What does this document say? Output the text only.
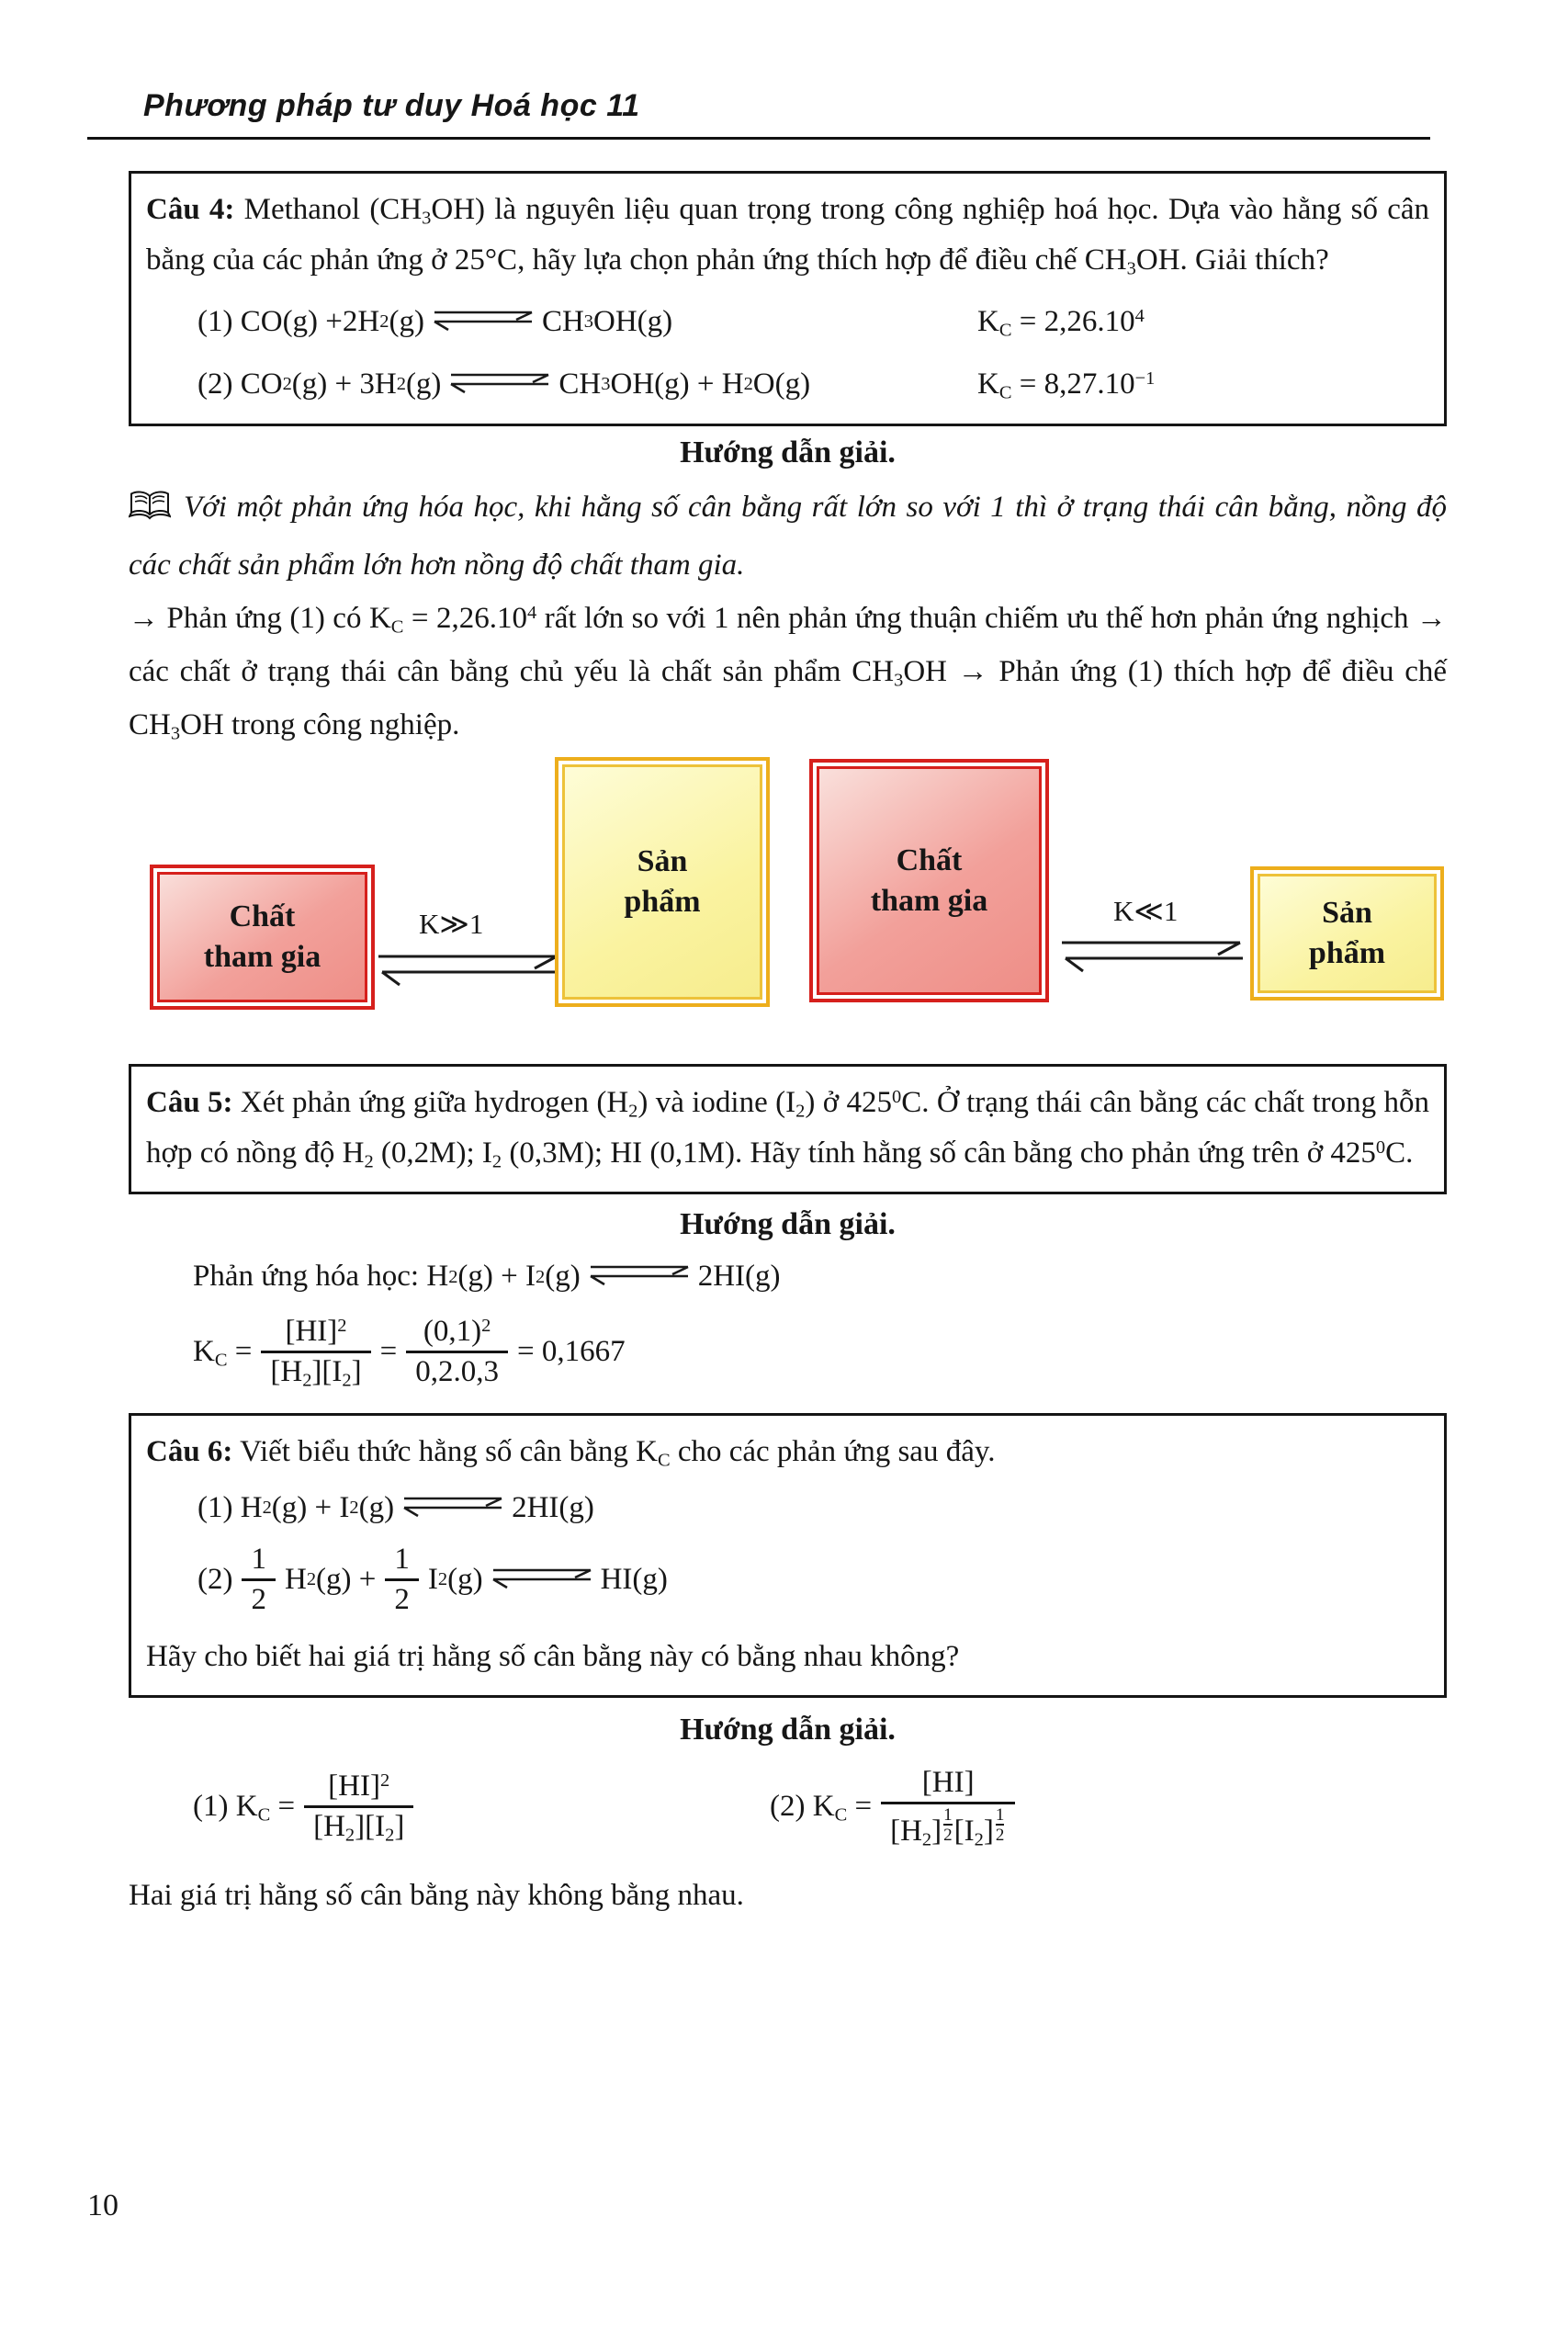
Phương pháp tư duy Hoá học 11
Câu 4: Methanol $(CH_3OH)$ là nguyên liệu quan trọng trong công nghiệp hoá học. Dựa vào hằng số cân bằng của các phản ứng ở 25°C, hãy lựa chọn phản ứng thích hợp để điều chế $CH_3OH$. Giải thích?
(1) CO(g) +2H 2 (g) ⇌ CH 3 OH(g)	$K_C = 2,26.10^4$
(2) CO 2 (g) + 3H 2 (g) ⇌ CH 3 OH(g) + H 2 O(g)	$K_C = 8,27.10^{-1}$
Hướng dẫn giải.
Với một phản ứng hóa học, khi hằng số cân bằng rất lớn so với 1 thì ở trạng thái cân bằng, nồng độ các chất sản phẩm lớn hơn nồng độ chất tham gia.
→ Phản ứng (1) có $K_C = 2,26.10^4$ rất lớn so với 1 nên phản ứng thuận chiếm ưu thế hơn phản ứng nghịch → các chất ở trạng thái cân bằng chủ yếu là chất sản phẩm $CH_3OH$ → Phản ứng (1) thích hợp để điều chế $CH_3OH$ trong công nghiệp.
Chất
tham gia
K≫1
Sản
phẩm
Chất
tham gia	K≪1	Sản
phẩm
Câu 5: Xét phản ứng giữa hydrogen $(H_2)$ và iodine $(I_2)$ ở $425^0C$. Ở trạng thái cân bằng các chất trong hỗn hợp có nồng độ $H_2$ (0,2M); $I_2$ (0,3M); HI (0,1M). Hãy tính hằng số cân bằng cho phản ứng trên ở $425^0C$.
Hướng dẫn giải.
Phản ứng hóa học: H 2 (g) + I 2 (g) ⇌ 2HI(g)
$K_C = \frac{[HI]^2}{[H_2][I_2]} = \frac{(0,1)^2}{0,2.0,3} = 0,1667$
Câu 6: Viết biểu thức hằng số cân bằng $K_C$ cho các phản ứng sau đây.
(1) H 2 (g) + I 2 (g) ⇌ 2HI(g)
$(2) \frac{1}{2}$ H 2 $(g) + \frac{1}{2}$ I 2 (g) ⇌ HI(g)
Hãy cho biết hai giá trị hằng số cân bằng này có bằng nhau không?
Hướng dẫn giải.
(1) $K_C = \frac{[HI]^2}{[H_2][I_2]}$	(2) $K_C = \frac{[HI]}{[H_2] \frac{1}{2} [I_2] \frac{1}{2}}$
Hai giá trị hằng số cân bằng này không bằng nhau.
10
